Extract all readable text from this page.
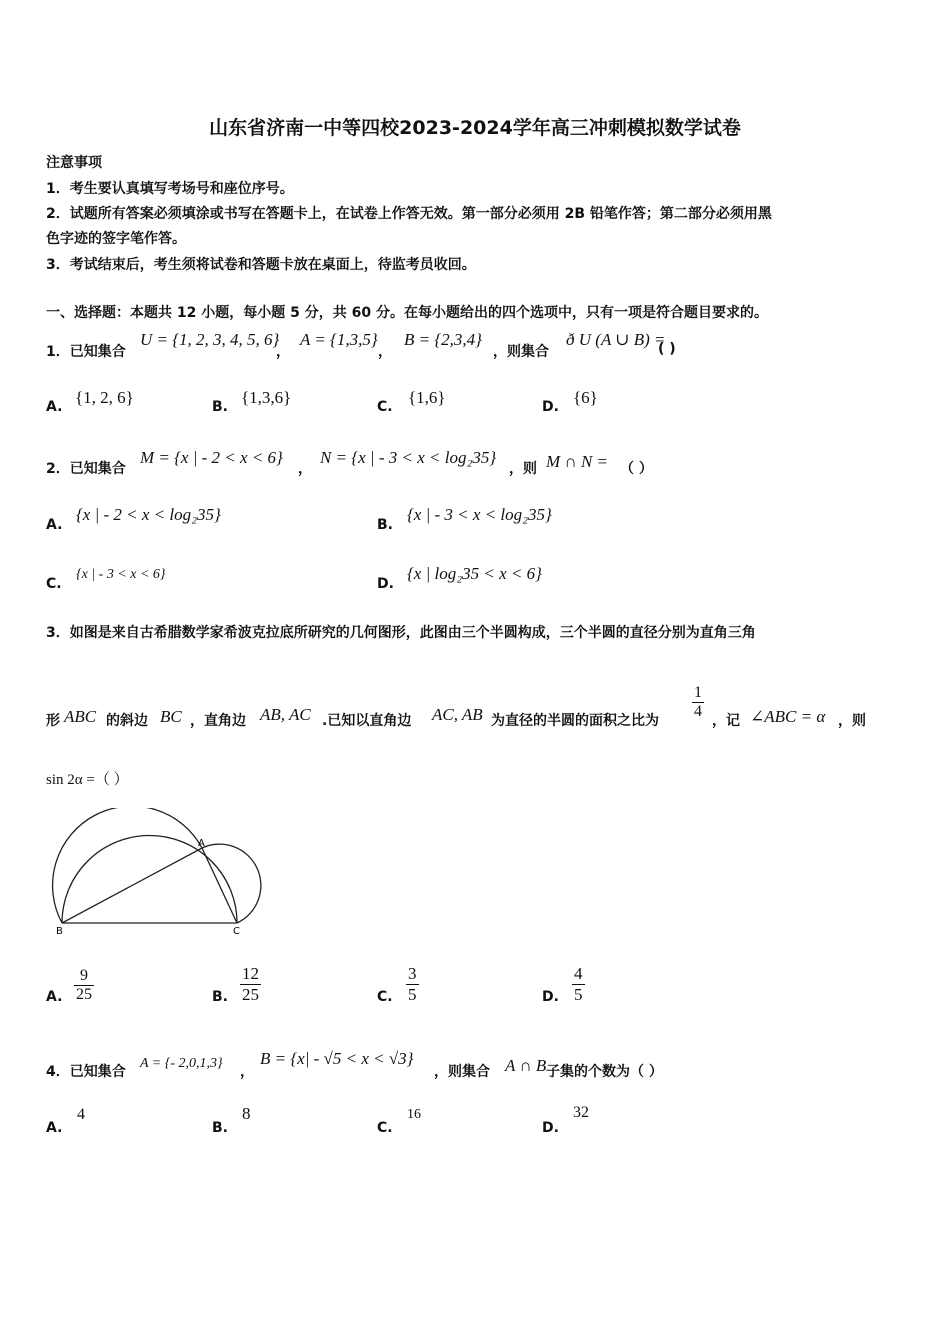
山东省济南一中等四校2023-2024学年高三冲刺模拟数学试卷
注意事项
1．考生要认真填写考场号和座位序号。
2．试题所有答案必须填涂或书写在答题卡上，在试卷上作答无效。第一部分必须用 2B 铅笔作答；第二部分必须用黑
色字迹的签字笔作答。
3．考试结束后，考生须将试卷和答题卡放在桌面上，待监考员收回。
一、选择题：本题共 12 小题，每小题 5 分，共 60 分。在每小题给出的四个选项中，只有一项是符合题目要求的。
1．已知集合
U = {1, 2, 3, 4, 5, 6}
，
A = {1,3,5}
，
B = {2,3,4}
，则集合
ð U (A ∪ B) =
( )
A. {1, 2, 6}	B. {1,3,6}	C. {1,6}	D. {6}
2．已知集合
M = {x | - 2 < x < 6}
，
N = {x | - 3 < x < log₂35}
，则 M ∩ N = （ ）
A.
{x | - 2 < x < log₂35}
B.
{x | - 3 < x < log₂35}
C.
{x | - 3 < x < 6}
D.
{x | log₂35 < x < 6}
3．如图是来自古希腊数学家希波克拉底所研究的几何图形，此图由三个半圆构成，三个半圆的直径分别为直角三角
形 ABC 的斜边 BC ，直角边 AB, AC .已知以直角边 AC, AB 为直径的半圆的面积之比为 $\frac{1}{4}$ ，记 ∠ABC = α ，则
sin 2α =（ ）
A
B	C
A. $\frac{9}{25}$	B. $\frac{12}{25}$	C. $\frac{3}{5}$	D. $\frac{4}{5}$
4．已知集合
A = {- 2,0,1,3}
，
B = {x| - √5 < x < √3}
，则集合 A ∩ B 子集的个数为（ ）
A.
4
B.
8
C.
16
D.
32
